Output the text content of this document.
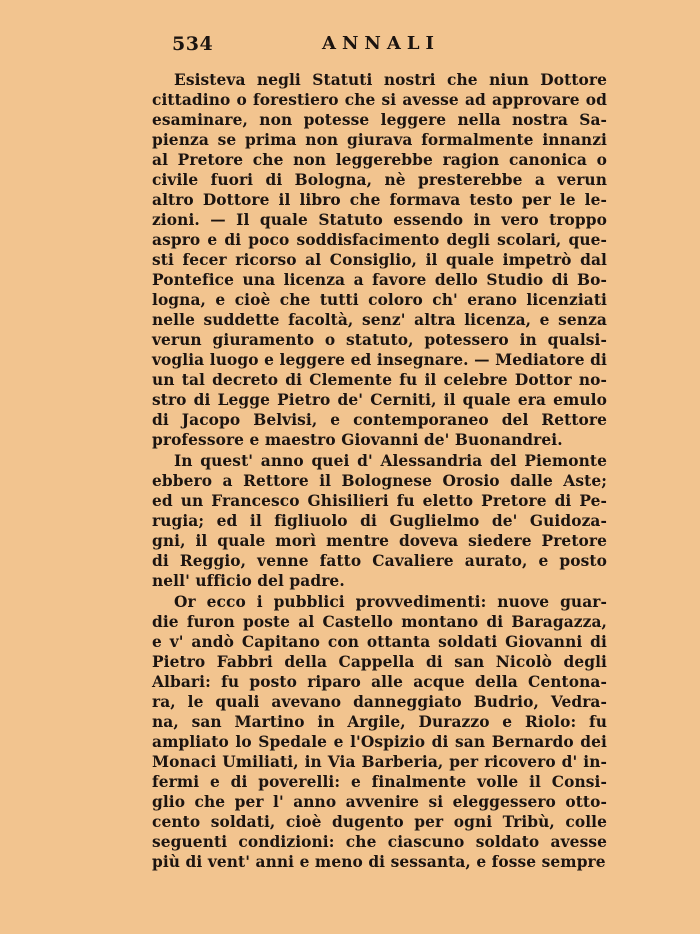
534	ANNALI
Esisteva negli Statuti nostri che niun Dottore
cittadino o forestiero che si avesse ad approvare od
esaminare, non potesse leggere nella nostra Sa-
pienza se prima non giurava formalmente innanzi
al Pretore che non leggerebbe ragion canonica o
civile fuori di Bologna, nè presterebbe a verun
altro Dottore il libro che formava testo per le le-
zioni. — Il quale Statuto essendo in vero troppo
aspro e di poco soddisfacimento degli scolari, que-
sti fecer ricorso al Consiglio, il quale impetrò dal
Pontefice una licenza a favore dello Studio di Bo-
logna, e cioè che tutti coloro ch' erano licenziati
nelle suddette facoltà, senz' altra licenza, e senza
verun giuramento o statuto, potessero in qualsi-
voglia luogo e leggere ed insegnare. — Mediatore di
un tal decreto di Clemente fu il celebre Dottor no-
stro di Legge Pietro de' Cerniti, il quale era emulo
di Jacopo Belvisi, e contemporaneo del Rettore
professore e maestro Giovanni de' Buonandrei.
In quest' anno quei d' Alessandria del Piemonte
ebbero a Rettore il Bolognese Orosio dalle Aste;
ed un Francesco Ghisilieri fu eletto Pretore di Pe-
rugia; ed il figliuolo di Guglielmo de' Guidoza-
gni, il quale morì mentre doveva siedere Pretore
di Reggio, venne fatto Cavaliere aurato, e posto
nell' ufficio del padre.
Or ecco i pubblici provvedimenti: nuove guar-
die furon poste al Castello montano di Baragazza,
e v' andò Capitano con ottanta soldati Giovanni di
Pietro Fabbri della Cappella di san Nicolò degli
Albari: fu posto riparo alle acque della Centona-
ra, le quali avevano danneggiato Budrio, Vedra-
na, san Martino in Argile, Durazzo e Riolo: fu
ampliato lo Spedale e l'Ospizio di san Bernardo dei
Monaci Umiliati, in Via Barberia, per ricovero d' in-
fermi e di poverelli: e finalmente volle il Consi-
glio che per l' anno avvenire si eleggessero otto-
cento soldati, cioè dugento per ogni Tribù, colle
seguenti condizioni: che ciascuno soldato avesse
più di vent' anni e meno di sessanta, e fosse sempre
